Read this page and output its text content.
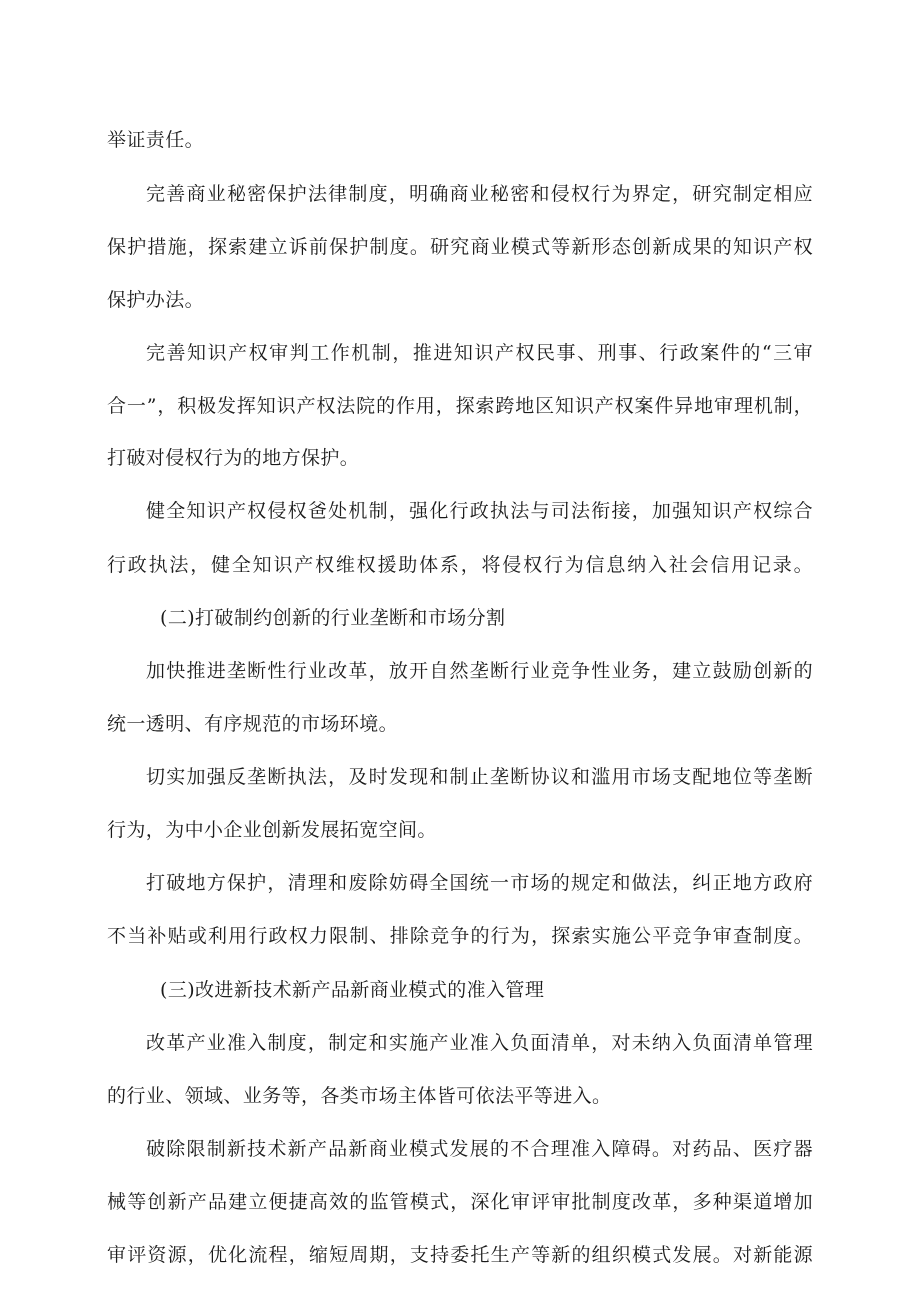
举证责任。
完善商业秘密保护法律制度，明确商业秘密和侵权行为界定，研究制定相应
保护措施，探索建立诉前保护制度。研究商业模式等新形态创新成果的知识产权
保护办法。
完善知识产权审判工作机制，推进知识产权民事、刑事、行政案件的“三审
合一”，积极发挥知识产权法院的作用，探索跨地区知识产权案件异地审理机制，
打破对侵权行为的地方保护。
健全知识产权侵权爸处机制，强化行政执法与司法衔接，加强知识产权综合
行政执法，健全知识产权维权援助体系，将侵权行为信息纳入社会信用记录。
(二)打破制约创新的行业垄断和市场分割
加快推进垄断性行业改革，放开自然垄断行业竞争性业务，建立鼓励创新的
统一透明、有序规范的市场环境。
切实加强反垄断执法，及时发现和制止垄断协议和滥用市场支配地位等垄断
行为，为中小企业创新发展拓宽空间。
打破地方保护，清理和废除妨碍全国统一市场的规定和做法，纠正地方政府
不当补贴或利用行政权力限制、排除竞争的行为，探索实施公平竞争审查制度。
(三)改进新技术新产品新商业模式的准入管理
改革产业准入制度，制定和实施产业准入负面清单，对未纳入负面清单管理
的行业、领域、业务等，各类市场主体皆可依法平等进入。
破除限制新技术新产品新商业模式发展的不合理准入障碍。对药品、医疗器
械等创新产品建立便捷高效的监管模式，深化审评审批制度改革，多种渠道增加
审评资源，优化流程，缩短周期，支持委托生产等新的组织模式发展。对新能源
